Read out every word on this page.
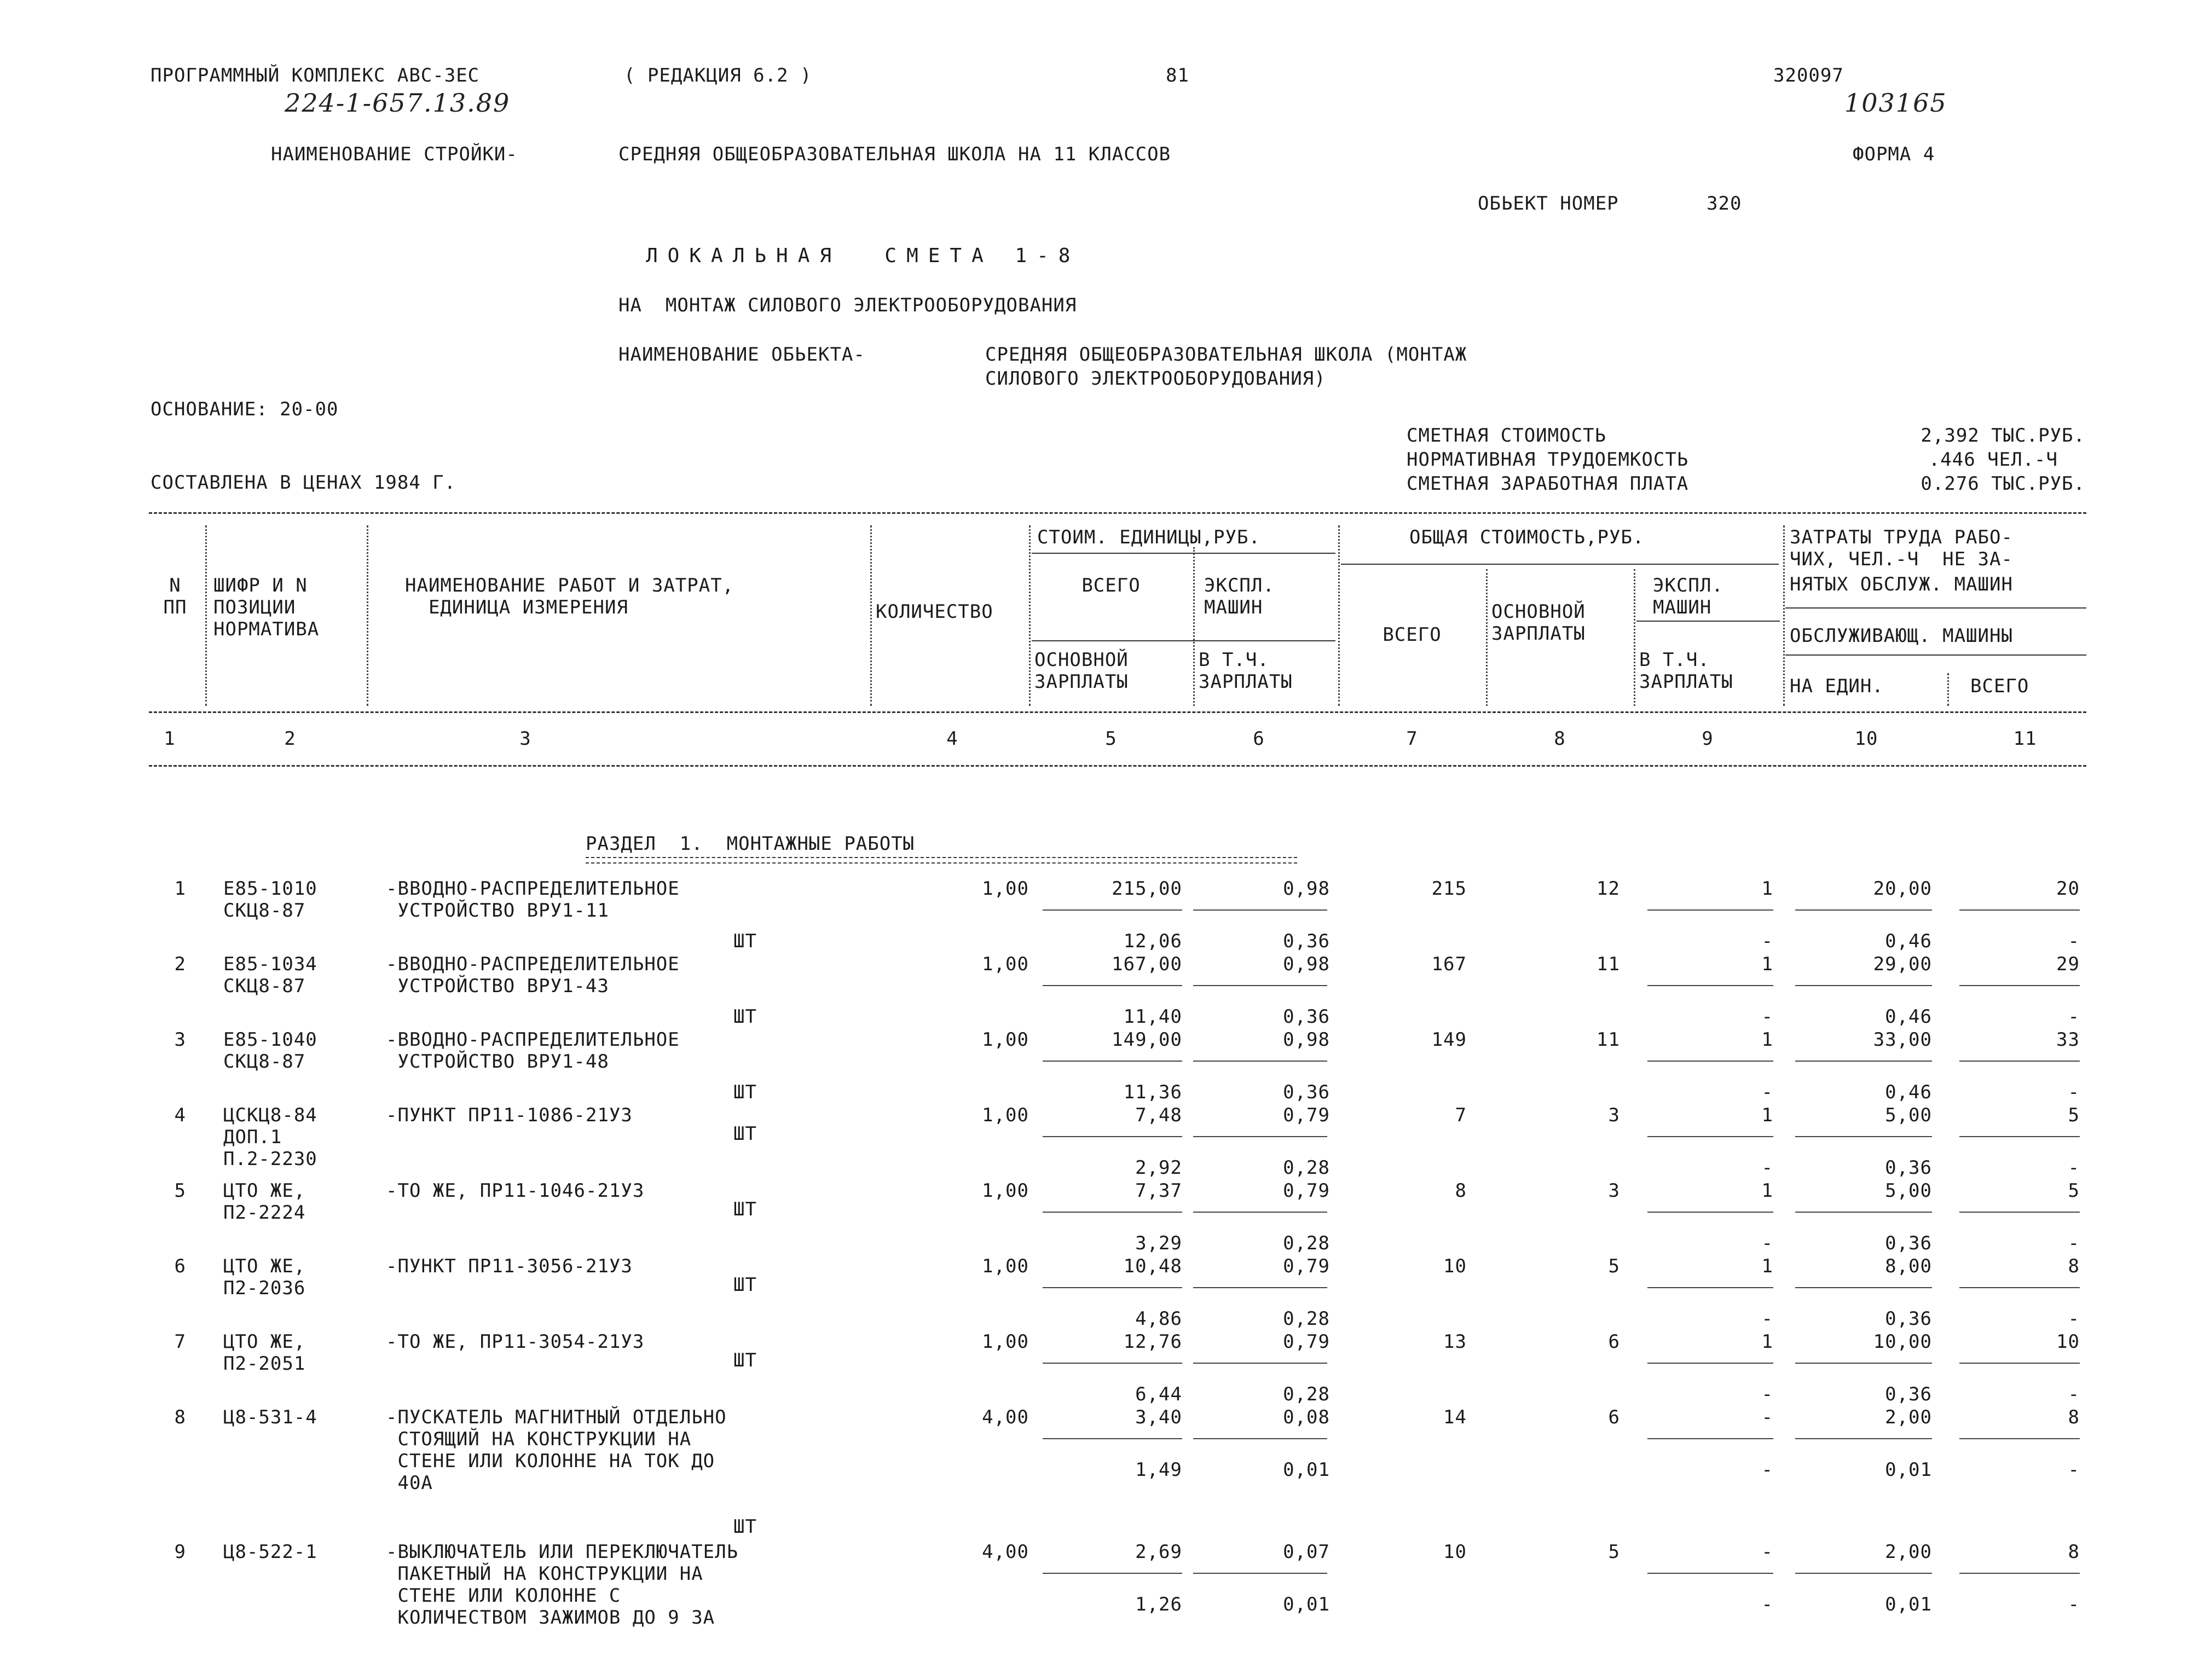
ПРОГРАММНЫЙ КОМПЛЕКС АВС-ЗЕС	( РЕДАКЦИЯ 6.2 )	81	320097
224-1-657.13.89	103165
НАИМЕНОВАНИЕ СТРОЙКИ-	СРЕДНЯЯ ОБЩЕОБРАЗОВАТЕЛЬНАЯ ШКОЛА НА 11 КЛАССОВ	ФОРМА 4
ОБЬЕКТ НОМЕР	320
ЛОКАЛЬНАЯ  СМЕТА 1-8
НА  МОНТАЖ СИЛОВОГО ЭЛЕКТРООБОРУДОВАНИЯ
НАИМЕНОВАНИЕ ОБЬЕКТА-	СРЕДНЯЯ ОБЩЕОБРАЗОВАТЕЛЬНАЯ ШКОЛА (МОНТАЖ
СИЛОВОГО ЭЛЕКТРООБОРУДОВАНИЯ)
ОСНОВАНИЕ: 20-00
СОСТАВЛЕНА В ЦЕНАХ 1984 Г.
СМЕТНАЯ СТОИМОСТЬ	2,392 ТЫС.РУБ.
НОРМАТИВНАЯ ТРУДОЕМКОСТЬ	.446 ЧЕЛ.-Ч
СМЕТНАЯ ЗАРАБОТНАЯ ПЛАТА	0.276 ТЫС.РУБ.
N
ПП
ШИФР И N
ПОЗИЦИИ
НОРМАТИВА
НАИМЕНОВАНИЕ РАБОТ И ЗАТРАТ,
ЕДИНИЦА ИЗМЕРЕНИЯ	КОЛИЧЕСТВО
СТОИМ. ЕДИНИЦЫ,РУБ.
ВСЕГО	ЭКСПЛ.
МАШИН
ОСНОВНОЙ
ЗАРПЛАТЫ
В Т.Ч.
ЗАРПЛАТЫ
ОБЩАЯ СТОИМОСТЬ,РУБ.
ВСЕГО
ОСНОВНОЙ
ЗАРПЛАТЫ
ЭКСПЛ.
МАШИН
В Т.Ч.
ЗАРПЛАТЫ
ЗАТРАТЫ ТРУДА РАБО-
ЧИХ, ЧЕЛ.-Ч  НЕ ЗА-
НЯТЫХ ОБСЛУЖ. МАШИН
ОБСЛУЖИВАЮЩ. МАШИНЫ
НА ЕДИН.	ВСЕГО
1	2	3	4	5	6	7	8	9	10	11
РАЗДЕЛ  1.  МОНТАЖНЫЕ РАБОТЫ
1 Е85-1010
СКЦ8-87
-ВВОДНО-РАСПРЕДЕЛИТЕЛЬНОЕ
УСТРОЙСТВО ВРУ1-11
ШТ
1,00	215,00	0,98	215	12	1	20,00	20
12,06	0,36	-	0,46	-
2 Е85-1034
СКЦ8-87
-ВВОДНО-РАСПРЕДЕЛИТЕЛЬНОЕ
УСТРОЙСТВО ВРУ1-43
ШТ
1,00	167,00	0,98	167	11	1	29,00	29
11,40	0,36	-	0,46	-
3 Е85-1040
СКЦ8-87
-ВВОДНО-РАСПРЕДЕЛИТЕЛЬНОЕ
УСТРОЙСТВО ВРУ1-48
ШТ
1,00	149,00	0,98	149	11	1	33,00	33
11,36	0,36	-	0,46	-
4 ЦСКЦ8-84
ДОП.1
П.2-2230
-ПУНКТ ПР11-1086-21У3
ШТ
1,00	7,48	0,79	7	3	1	5,00	5
2,92	0,28	-	0,36	-
5 ЦТО ЖЕ,
П2-2224
-ТО ЖЕ, ПР11-1046-21У3
ШТ
1,00	7,37	0,79	8	3	1	5,00	5
3,29	0,28	-	0,36	-
6 ЦТО ЖЕ,
П2-2036
-ПУНКТ ПР11-3056-21У3
ШТ
1,00	10,48	0,79	10	5	1	8,00	8
4,86	0,28	-	0,36	-
7 ЦТО ЖЕ,
П2-2051
-ТО ЖЕ, ПР11-3054-21У3
ШТ
1,00	12,76	0,79	13	6	1	10,00	10
6,44	0,28	-	0,36	-
8 Ц8-531-4	-ПУСКАТЕЛЬ МАГНИТНЫЙ ОТДЕЛЬНО
СТОЯЩИЙ НА КОНСТРУКЦИИ НА
СТЕНЕ ИЛИ КОЛОННЕ НА ТОК ДО
40А
ШТ
4,00	3,40	0,08	14	6	-	2,00	8
1,49	0,01	-	0,01	-
9 Ц8-522-1	-ВЫКЛЮЧАТЕЛЬ ИЛИ ПЕРЕКЛЮЧАТЕЛЬ
ПАКЕТНЫЙ НА КОНСТРУКЦИИ НА
СТЕНЕ ИЛИ КОЛОННЕ С
КОЛИЧЕСТВОМ ЗАЖИМОВ ДО 9 ЗА
4,00	2,69	0,07	10	5	-	2,00	8
1,26	0,01	-	0,01	-
